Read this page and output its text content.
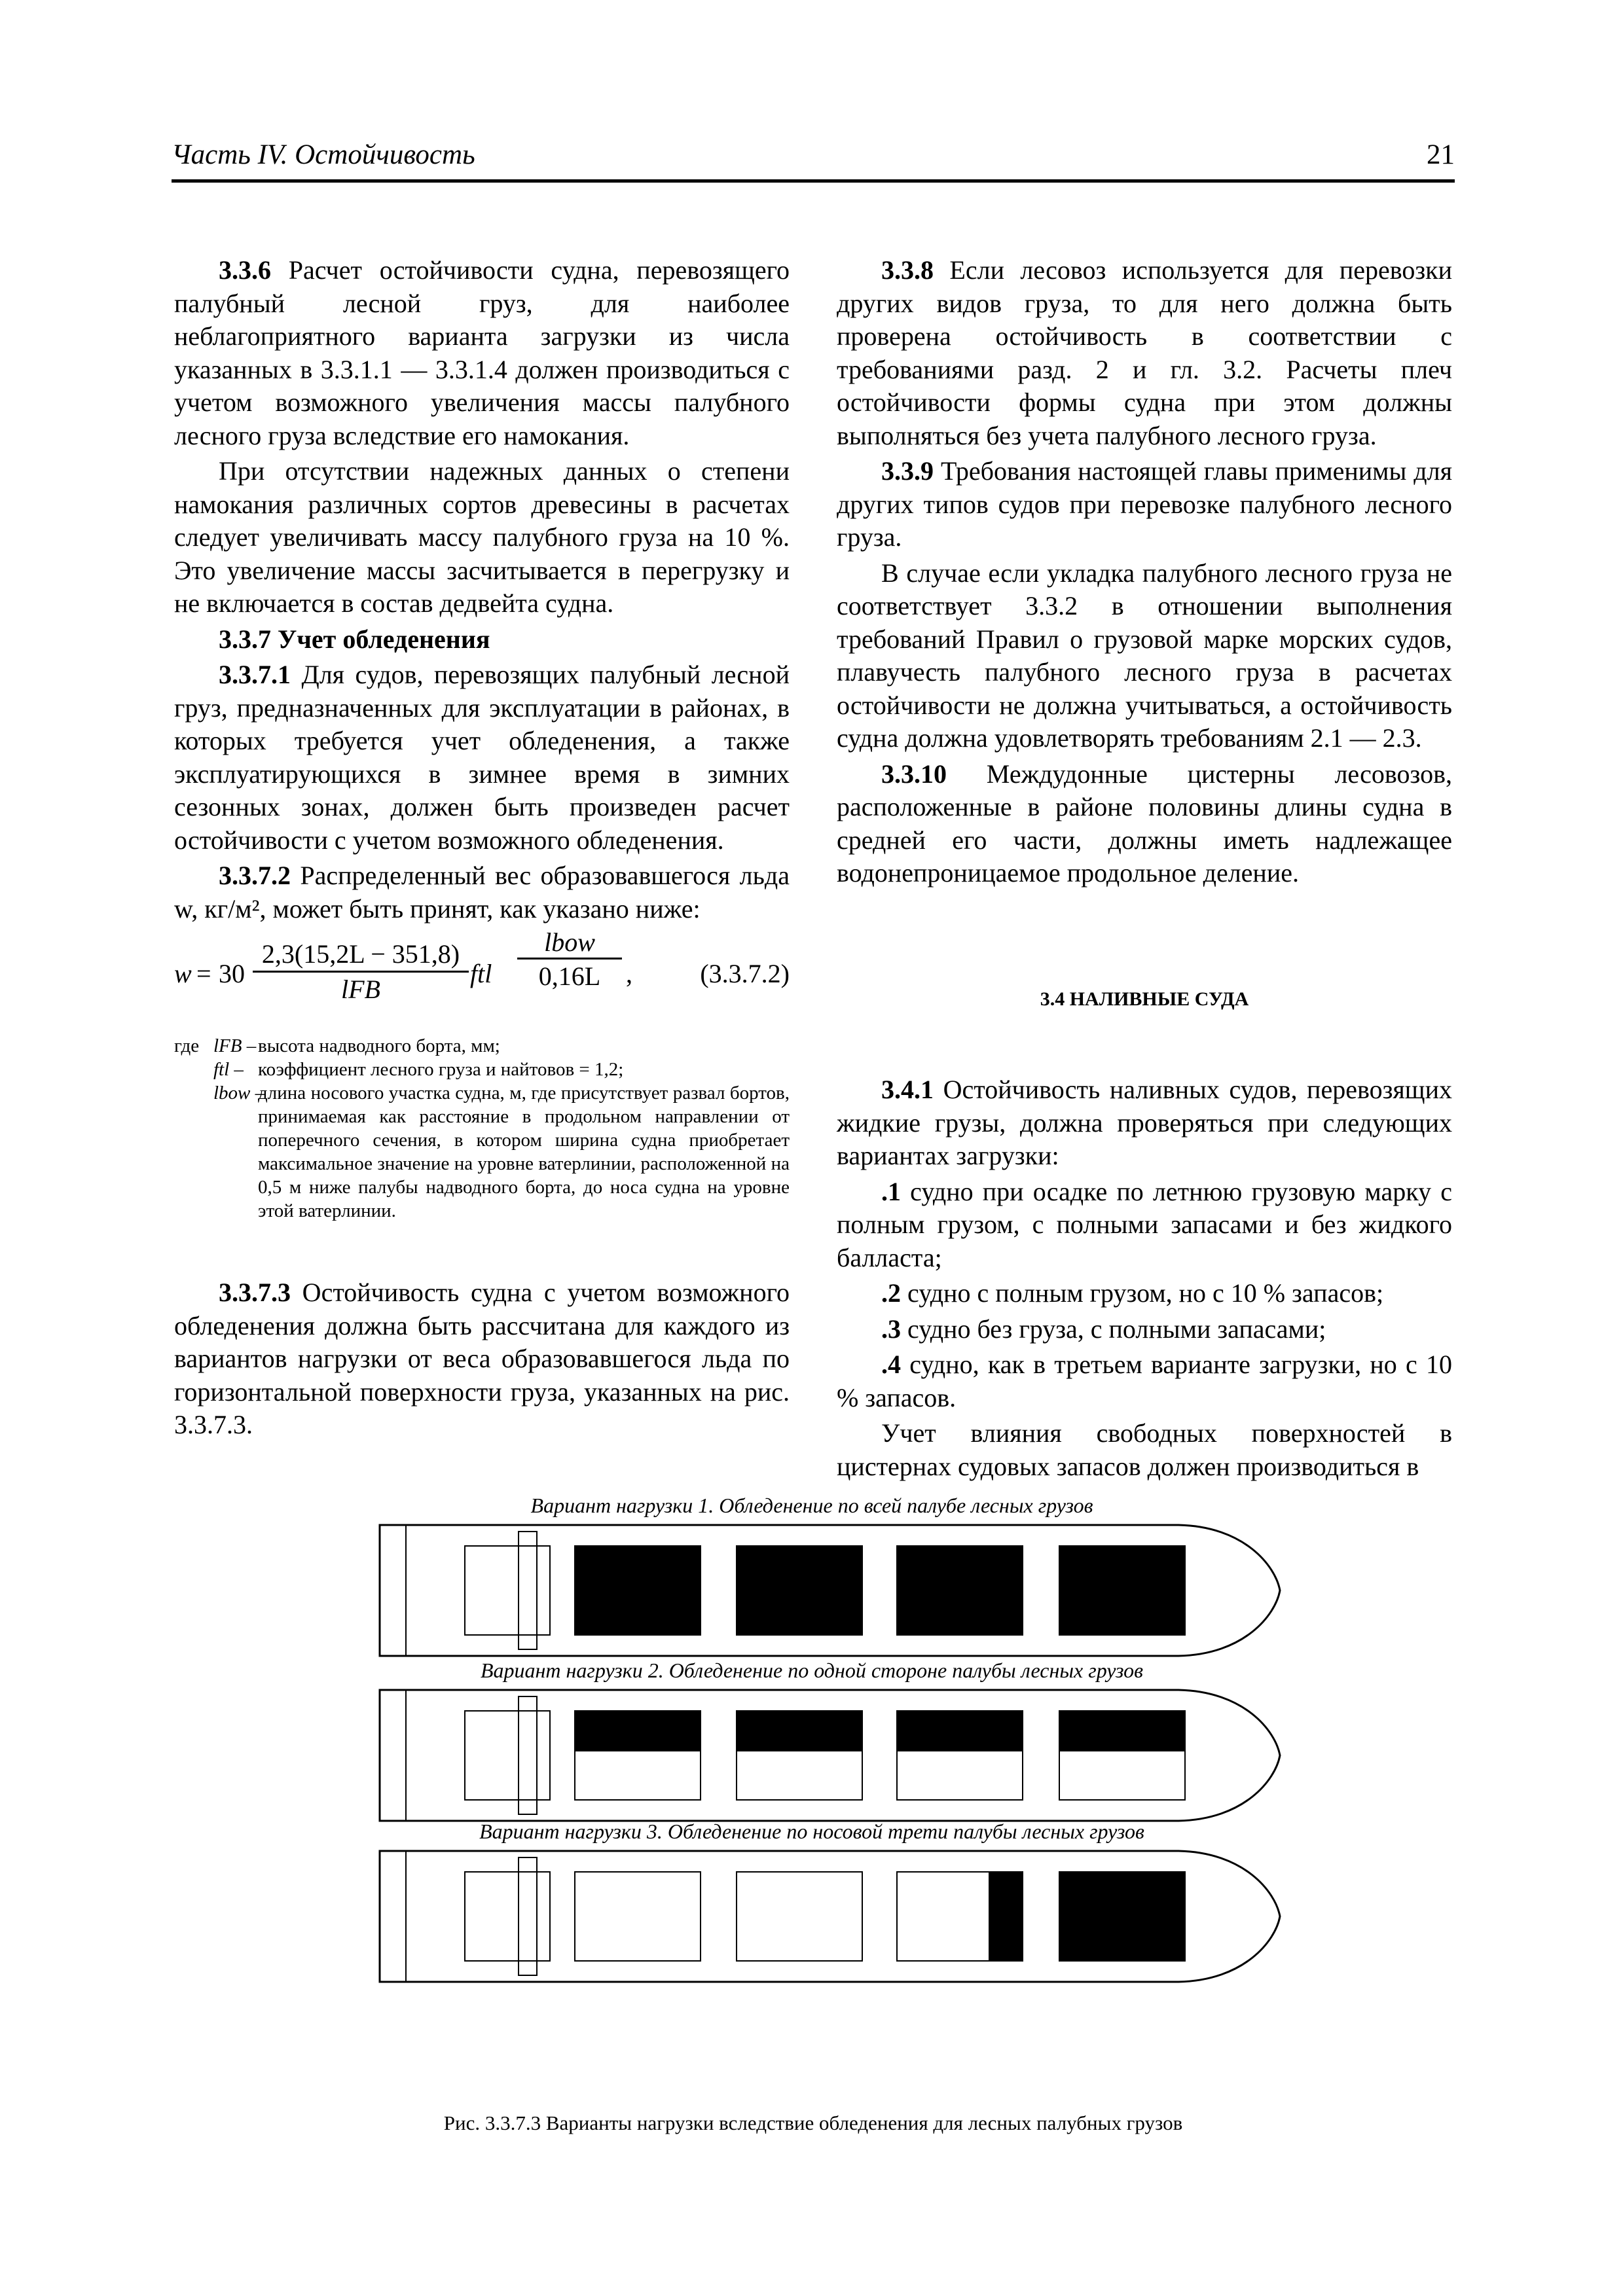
Часть IV. Остойчивость	21

3.3.6 Расчет остойчивости судна, перевозящего палубный лесной груз, для наиболее неблагоприятного варианта загрузки из числа указанных в 3.3.1.1 — 3.3.1.4 должен производиться с учетом возможного увеличения массы палубного лесного груза вследствие его намокания.

При отсутствии надежных данных о степени намокания различных сортов древесины в расчетах следует увеличивать массу палубного груза на 10 %. Это увеличение массы засчитывается в перегрузку и не включается в состав дедвейта судна.

3.3.7 Учет обледенения

3.3.7.1 Для судов, перевозящих палубный лесной груз, предназначенных для эксплуатации в районах, в которых требуется учет обледенения, а также эксплуатирующихся в зимнее время в зимних сезонных зонах, должен быть произведен расчет остойчивости с учетом возможного обледенения.

3.3.7.2 Распределенный вес образовавшегося льда w, кг/м², может быть принят, как указано ниже:

w = 30
2,3(15,2L − 351,8)
lFB
ftl
lbow
0,16L ,	(3.3.7.2)
где lFB – высота надводного борта, мм;
ftl – коэффициент лесного груза и найтовов = 1,2;
lbow –
длина носового участка судна, м, где присутствует развал бортов, принимаемая как расстояние в продольном направлении от поперечного сечения, в котором ширина судна приобретает максимальное значение на уровне ватерлинии, расположенной на 0,5 м ниже палубы надводного борта, до носа судна на уровне этой ватерлинии.

3.3.7.3 Остойчивость судна с учетом возможного обледенения должна быть рассчитана для каждого из вариантов нагрузки от веса образовавшегося льда по горизонтальной поверхности груза, указанных на рис. 3.3.7.3.

3.3.8 Если лесовоз используется для перевозки других видов груза, то для него должна быть проверена остойчивость в соответствии с требованиями разд. 2 и гл. 3.2. Расчеты плеч остойчивости формы судна при этом должны выполняться без учета палубного лесного груза.

3.3.9 Требования настоящей главы применимы для других типов судов при перевозке палубного лесного груза.

В случае если укладка палубного лесного груза не соответствует 3.3.2 в отношении выполнения требований Правил о грузовой марке морских судов, плавучесть палубного лесного груза в расчетах остойчивости не должна учитываться, а остойчивость судна должна удовлетворять требованиям 2.1 — 2.3.

3.3.10 Междудонные цистерны лесовозов, расположенные в районе половины длины судна в средней его части, должны иметь надлежащее водонепроницаемое продольное деление.

3.4 НАЛИВНЫЕ СУДА

3.4.1 Остойчивость наливных судов, перевозящих жидкие грузы, должна проверяться при следующих вариантах загрузки:

.1 судно при осадке по летнюю грузовую марку с полным грузом, с полными запасами и без жидкого балласта;

.2 судно с полным грузом, но с 10 % запасов;

.3 судно без груза, с полными запасами;

.4 судно, как в третьем варианте загрузки, но с 10 % запасов.

Учет влияния свободных поверхностей в цистернах судовых запасов должен производиться в

Вариант нагрузки 1. Обледенение по всей палубе лесных грузов
Вариант нагрузки 2. Обледенение по одной стороне палубы лесных грузов
Вариант нагрузки 3. Обледенение по носовой трети палубы лесных грузов
Рис. 3.3.7.3 Варианты нагрузки вследствие обледенения для лесных палубных грузов
